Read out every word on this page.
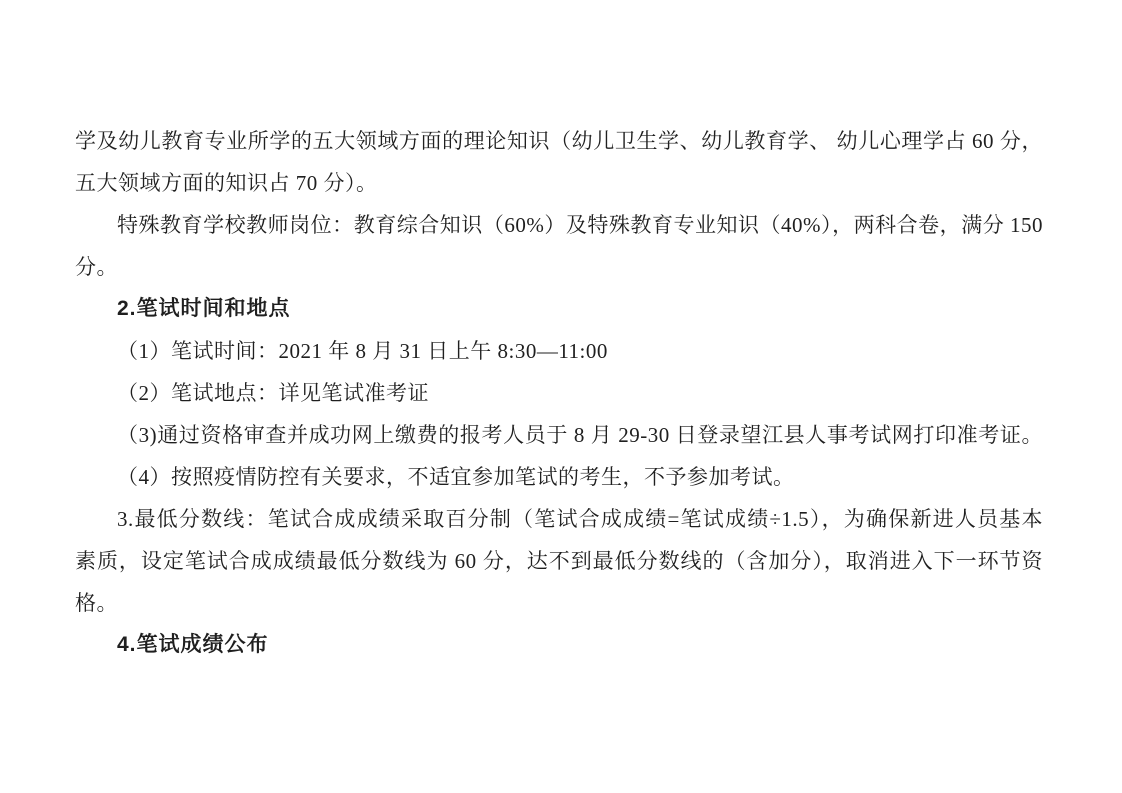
学及幼儿教育专业所学的五大领域方面的理论知识（幼儿卫生学、幼儿教育学、 幼儿心理学占 60 分，
五大领域方面的知识占 70 分）。
特殊教育学校教师岗位：教育综合知识（60%）及特殊教育专业知识（40%），两科合卷，满分 150
分。
2.笔试时间和地点
（1）笔试时间：2021 年 8 月 31 日上午 8:30—11:00
（2）笔试地点：详见笔试准考证
（3)通过资格审查并成功网上缴费的报考人员于 8 月 29-30 日登录望江县人事考试网打印准考证。
（4）按照疫情防控有关要求，不适宜参加笔试的考生，不予参加考试。
3.最低分数线：笔试合成成绩采取百分制（笔试合成成绩=笔试成绩÷1.5），为确保新进人员基本
素质，设定笔试合成成绩最低分数线为 60 分，达不到最低分数线的（含加分），取消进入下一环节资
格。
4.笔试成绩公布
